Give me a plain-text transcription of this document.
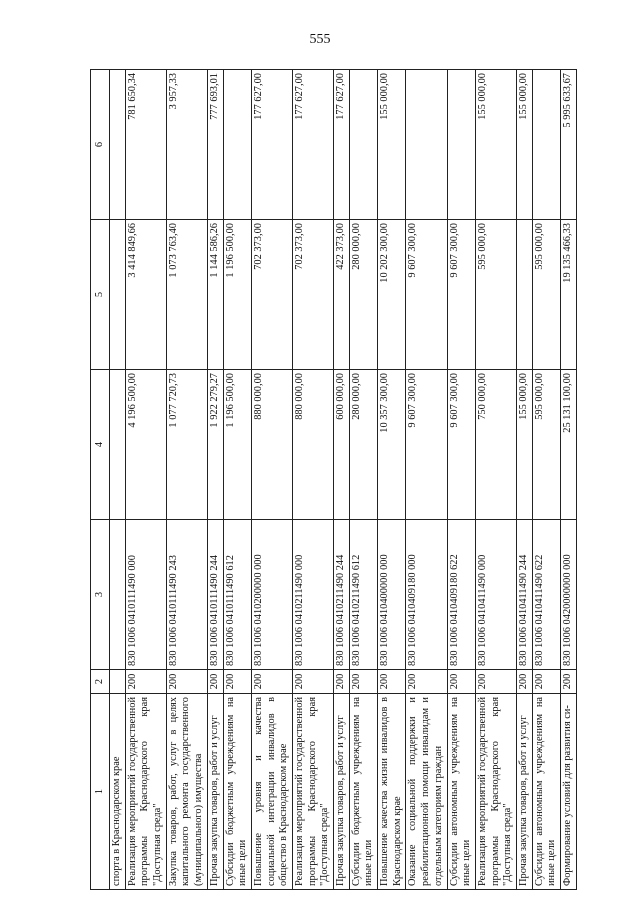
555
1	2	3	4	5	6
спорта в Краснодарском крае					
Реализация мероприятий государственной программы Краснодарского края "Доступная среда"	200	830 1006 0410111490 000	4 196 500,00	3 414 849,66	781 650,34
Закупка товаров, работ, услуг в целях капитального ремонта государственного (муниципального) имущества	200	830 1006 0410111490 243	1 077 720,73	1 073 763,40	3 957,33
Прочая закупка товаров, работ и услуг	200	830 1006 0410111490 244	1 922 279,27	1 144 586,26	777 693,01
Субсидии бюджетным учреждениям на иные цели	200	830 1006 0410111490 612	1 196 500,00	1 196 500,00	
Повышение уровня и качества социальной интеграции инвалидов в общество в Краснодарском крае	200	830 1006 0410200000 000	880 000,00	702 373,00	177 627,00
Реализация мероприятий государственной программы Краснодарского края "Доступная среда"	200	830 1006 0410211490 000	880 000,00	702 373,00	177 627,00
Прочая закупка товаров, работ и услуг	200	830 1006 0410211490 244	600 000,00	422 373,00	177 627,00
Субсидии бюджетным учреждениям на иные цели	200	830 1006 0410211490 612	280 000,00	280 000,00	
Повышение качества жизни инвалидов в Краснодарском крае	200	830 1006 0410400000 000	10 357 300,00	10 202 300,00	155 000,00
Оказание социальной поддержки и реабилитационной помощи инвалидам и отдельным категориям граждан	200	830 1006 0410409180 000	9 607 300,00	9 607 300,00	
Субсидии автономным учреждениям на иные цели	200	830 1006 0410409180 622	9 607 300,00	9 607 300,00	
Реализация мероприятий государственной программы Краснодарского края "Доступная среда"	200	830 1006 0410411490 000	750 000,00	595 000,00	155 000,00
Прочая закупка товаров, работ и услуг	200	830 1006 0410411490 244	155 000,00		155 000,00
Субсидии автономным учреждениям на иные цели	200	830 1006 0410411490 622	595 000,00	595 000,00	
Формирование условий для развития си-	200	830 1006 0420000000 000	25 131 100,00	19 135 466,33	5 995 633,67
